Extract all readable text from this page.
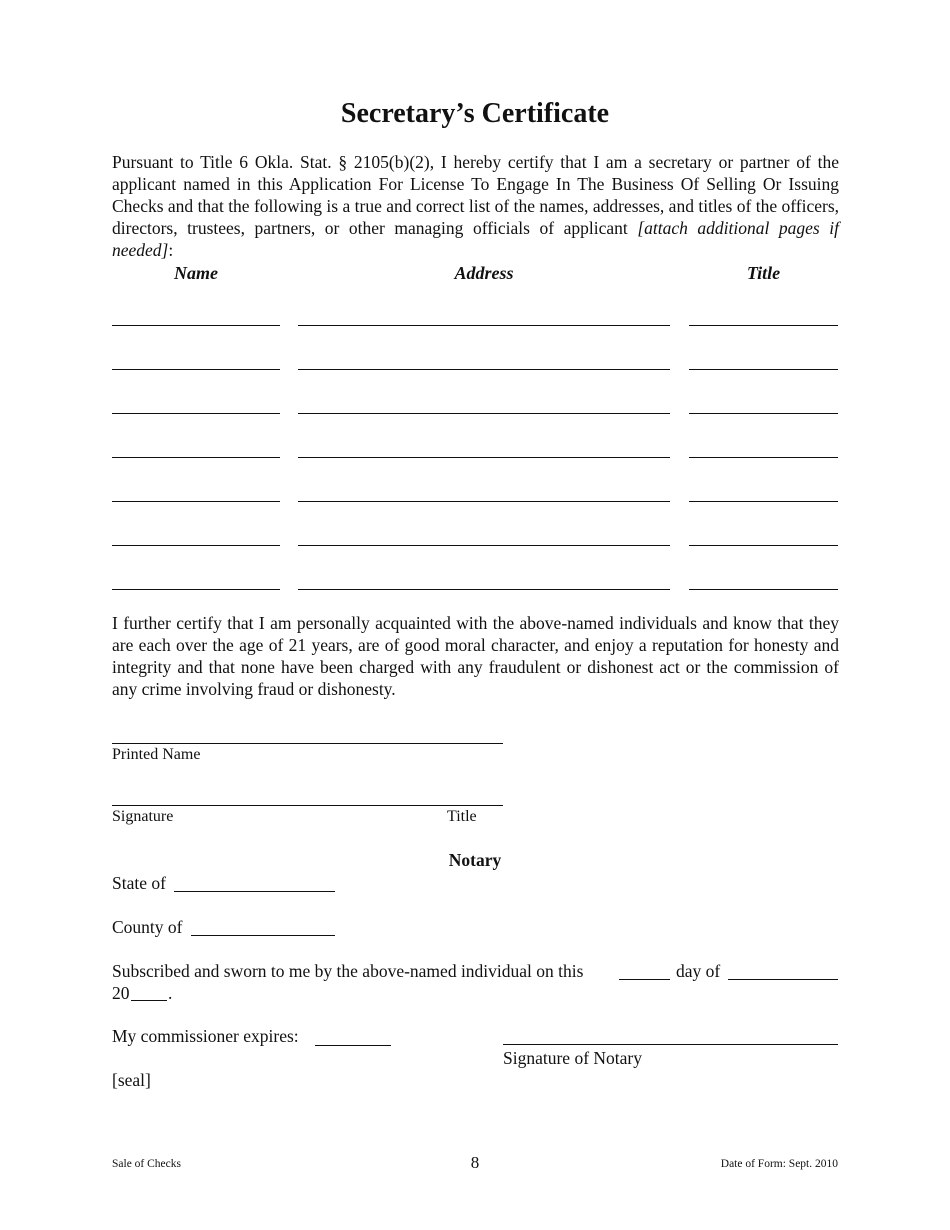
Secretary’s Certificate

Pursuant to Title 6 Okla. Stat. § 2105(b)(2), I hereby certify that I am a secretary or partner of the applicant named in this Application For License To Engage In The Business Of Selling Or Issuing Checks and that the following is a true and correct list of the names, addresses, and titles of the officers, directors, trustees, partners, or other managing officials of applicant [attach additional pages if needed]:

Name	Address	Title

I further certify that I am personally acquainted with the above-named individuals and know that they are each over the age of 21 years, are of good moral character, and enjoy a reputation for honesty and integrity and that none have been charged with any fraudulent or dishonest act or the commission of any crime involving fraud or dishonesty.

Printed Name
Signature	Title
Notary
State of
County of
Subscribed and sworn to me by the above-named individual on this	day of
20 .
My commissioner expires:
Signature of Notary
[seal]
Sale of Checks	8	Date of Form: Sept. 2010
